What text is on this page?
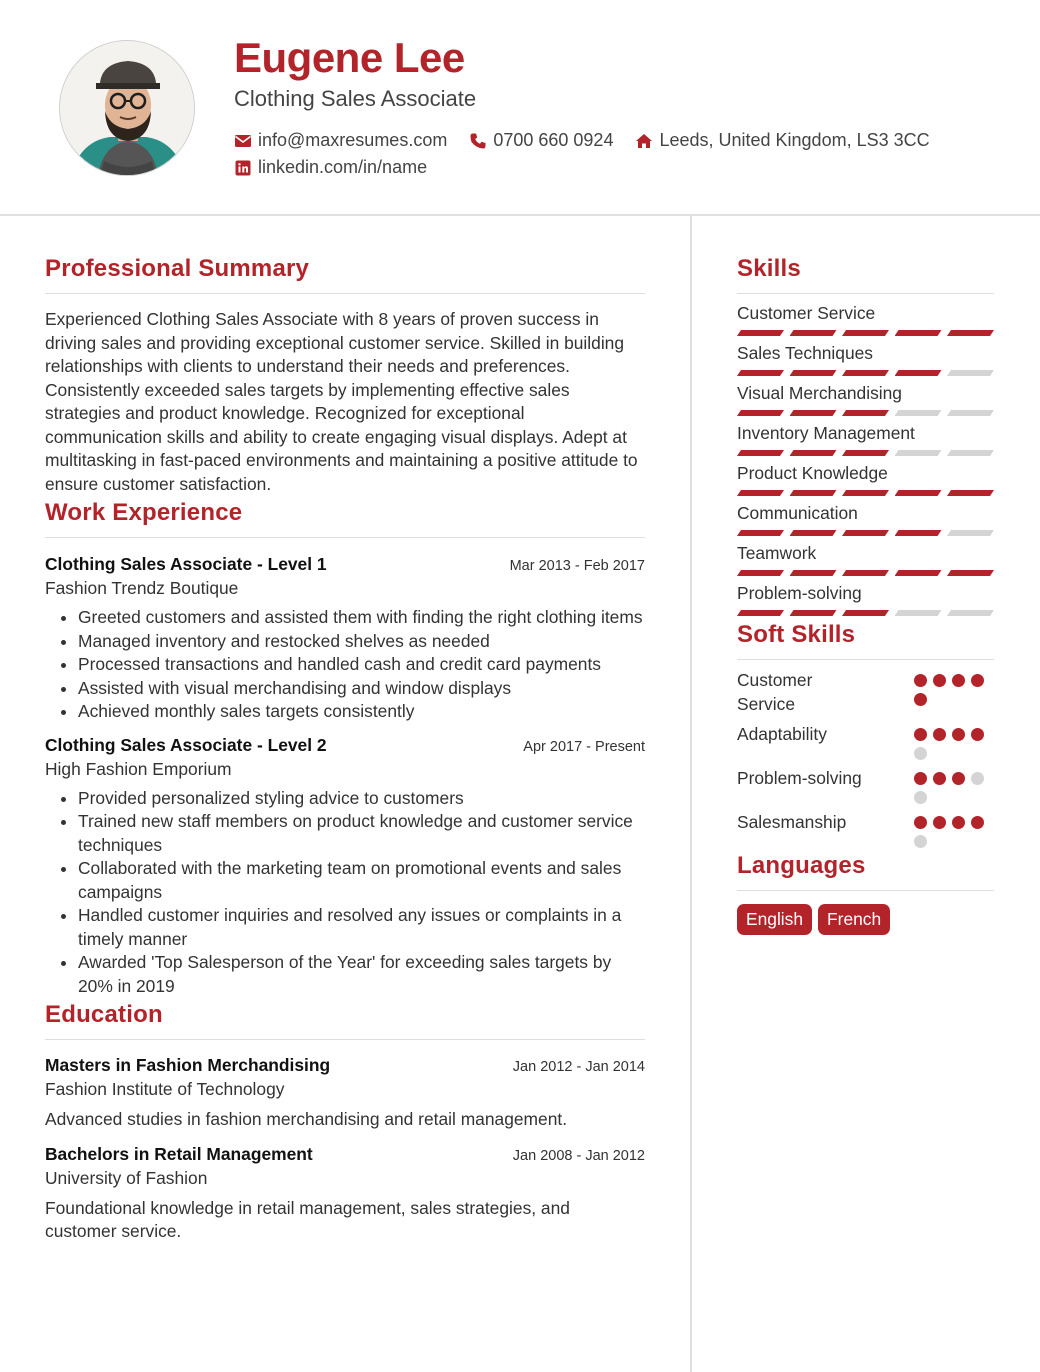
Eugene Lee
Clothing Sales Associate
info@maxresumes.com	0700 660 0924	Leeds, United Kingdom, LS3 3CC
linkedin.com/in/name
Professional Summary

Experienced Clothing Sales Associate with 8 years of proven success in driving sales and providing exceptional customer service. Skilled in building relationships with clients to understand their needs and preferences. Consistently exceeded sales targets by implementing effective sales strategies and product knowledge. Recognized for exceptional communication skills and ability to create engaging visual displays. Adept at multitasking in fast-paced environments and maintaining a positive attitude to ensure customer satisfaction.

Work Experience
Clothing Sales Associate - Level 1	Mar 2013 - Feb 2017
Fashion Trendz Boutique
• Greeted customers and assisted them with finding the right clothing items
• Managed inventory and restocked shelves as needed
• Processed transactions and handled cash and credit card payments
• Assisted with visual merchandising and window displays
• Achieved monthly sales targets consistently
Clothing Sales Associate - Level 2	Apr 2017 - Present
High Fashion Emporium
• Provided personalized styling advice to customers
• Trained new staff members on product knowledge and customer service techniques
• Collaborated with the marketing team on promotional events and sales campaigns
• Handled customer inquiries and resolved any issues or complaints in a timely manner
• Awarded 'Top Salesperson of the Year' for exceeding sales targets by 20% in 2019
Education
Masters in Fashion Merchandising	Jan 2012 - Jan 2014
Fashion Institute of Technology

Advanced studies in fashion merchandising and retail management.

Bachelors in Retail Management	Jan 2008 - Jan 2012
University of Fashion

Foundational knowledge in retail management, sales strategies, and customer service.

Skills
Customer Service
Sales Techniques
Visual Merchandising
Inventory Management
Product Knowledge
Communication
Teamwork
Problem-solving
Soft Skills
Customer Service
Adaptability
Problem-solving
Salesmanship
Languages
English	French
